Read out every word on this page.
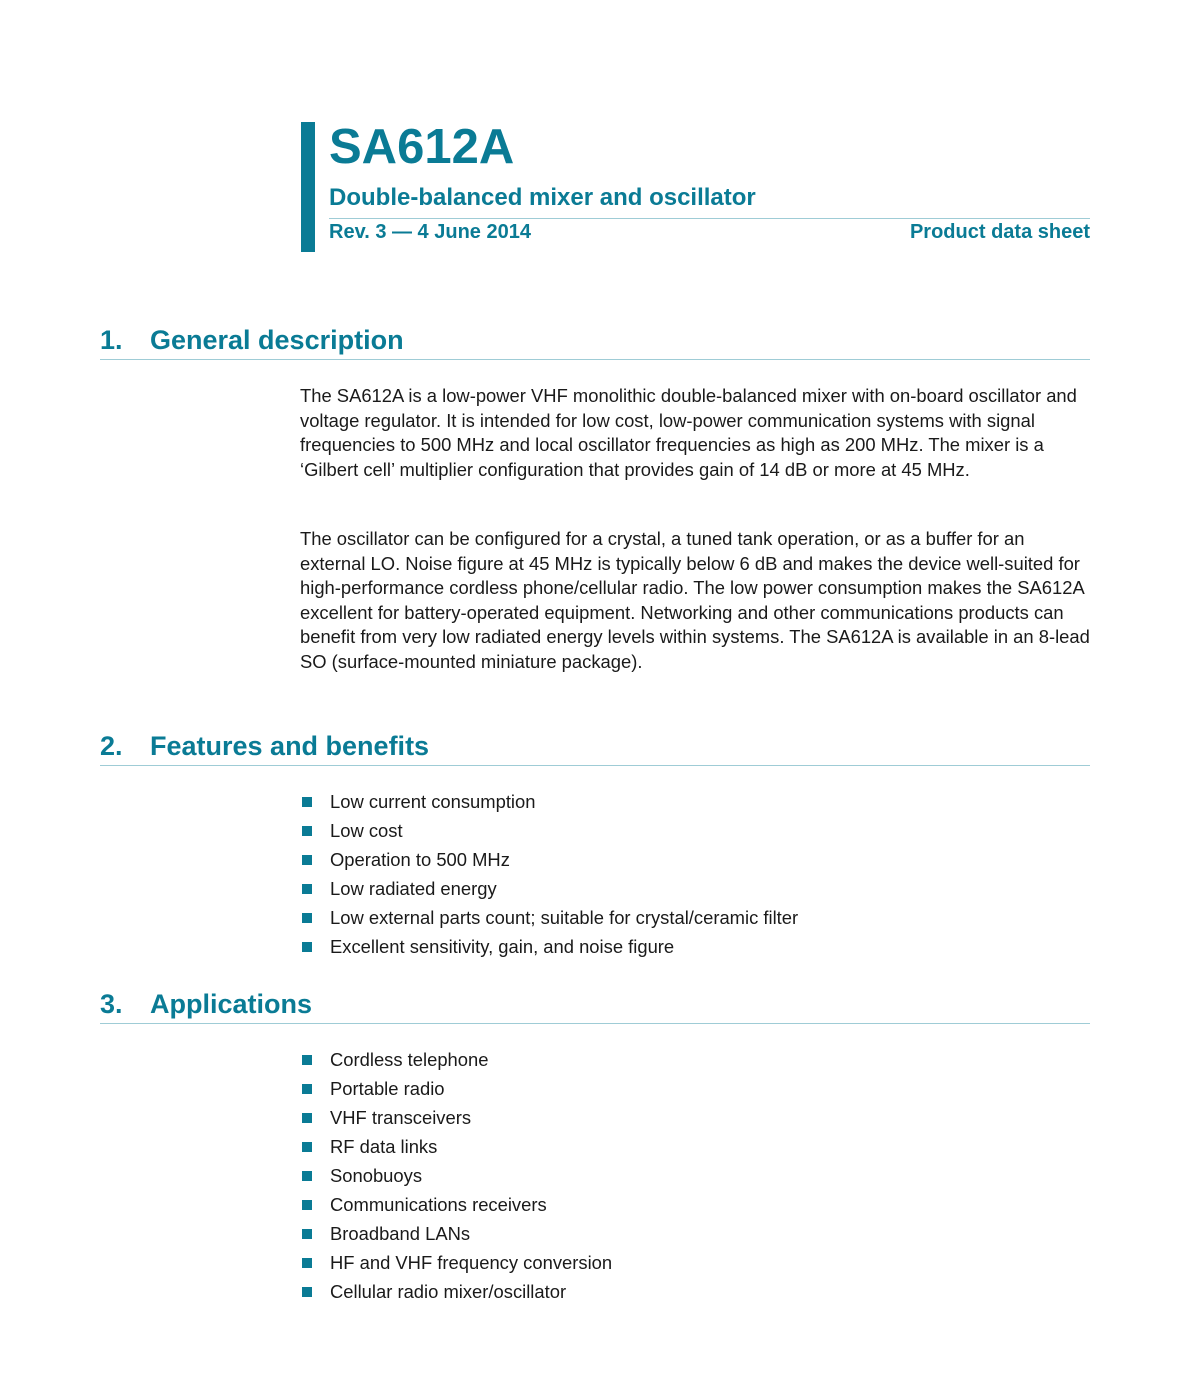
SA612A
Double-balanced mixer and oscillator
Rev. 3 — 4 June 2014	Product data sheet
1. General description

The SA612A is a low-power VHF monolithic double-balanced mixer with on-board oscillator and voltage regulator. It is intended for low cost, low-power communication systems with signal frequencies to 500 MHz and local oscillator frequencies as high as 200 MHz. The mixer is a ‘Gilbert cell’ multiplier configuration that provides gain of 14 dB or more at 45 MHz.

The oscillator can be configured for a crystal, a tuned tank operation, or as a buffer for an external LO. Noise figure at 45 MHz is typically below 6 dB and makes the device well-suited for high-performance cordless phone/cellular radio. The low power consumption makes the SA612A excellent for battery-operated equipment. Networking and other communications products can benefit from very low radiated energy levels within systems. The SA612A is available in an 8-lead SO (surface-mounted miniature package).

2. Features and benefits
Low current consumption
Low cost
Operation to 500 MHz
Low radiated energy
Low external parts count; suitable for crystal/ceramic filter
Excellent sensitivity, gain, and noise figure
3. Applications
Cordless telephone
Portable radio
VHF transceivers
RF data links
Sonobuoys
Communications receivers
Broadband LANs
HF and VHF frequency conversion
Cellular radio mixer/oscillator
